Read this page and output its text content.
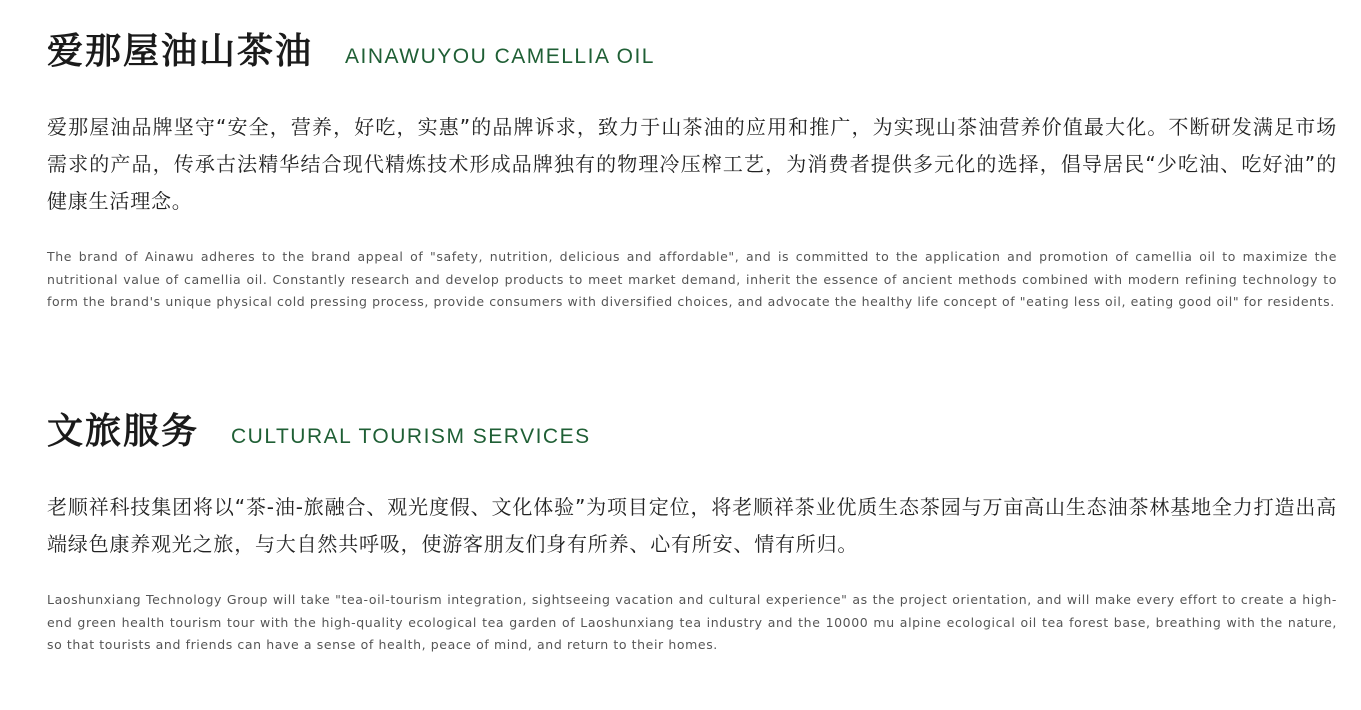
爱那屋油山茶油 AINAWUYOU CAMELLIA OIL
爱那屋油品牌坚守“安全，营养，好吃，实惠”的品牌诉求，致力于山茶油的应用和推广，为实现山茶油营养价值最大化。不断研发满足市场需求的产品，传承古法精华结合现代精炼技术形成品牌独有的物理冷压榨工艺，为消费者提供多元化的选择，倡导居民“少吃油、吃好油”的健康生活理念。
The brand of Ainawu adheres to the brand appeal of "safety, nutrition, delicious and affordable", and is committed to the application and promotion of camellia oil to maximize the nutritional value of camellia oil. Constantly research and develop products to meet market demand, inherit the essence of ancient methods combined with modern refining technology to form the brand's unique physical cold pressing process, provide consumers with diversified choices, and advocate the healthy life concept of "eating less oil, eating good oil" for residents.
文旅服务 CULTURAL TOURISM SERVICES
老顺祥科技集团将以“茶-油-旅融合、观光度假、文化体验”为项目定位，将老顺祥茶业优质生态茶园与万亩高山生态油茶林基地全力打造出高端绿色康养观光之旅，与大自然共呼吸，使游客朋友们身有所养、心有所安、情有所归。
Laoshunxiang Technology Group will take "tea-oil-tourism integration, sightseeing vacation and cultural experience" as the project orientation, and will make every effort to create a high-end green health tourism tour with the high-quality ecological tea garden of Laoshunxiang tea industry and the 10000 mu alpine ecological oil tea forest base, breathing with the nature, so that tourists and friends can have a sense of health, peace of mind, and return to their homes.
